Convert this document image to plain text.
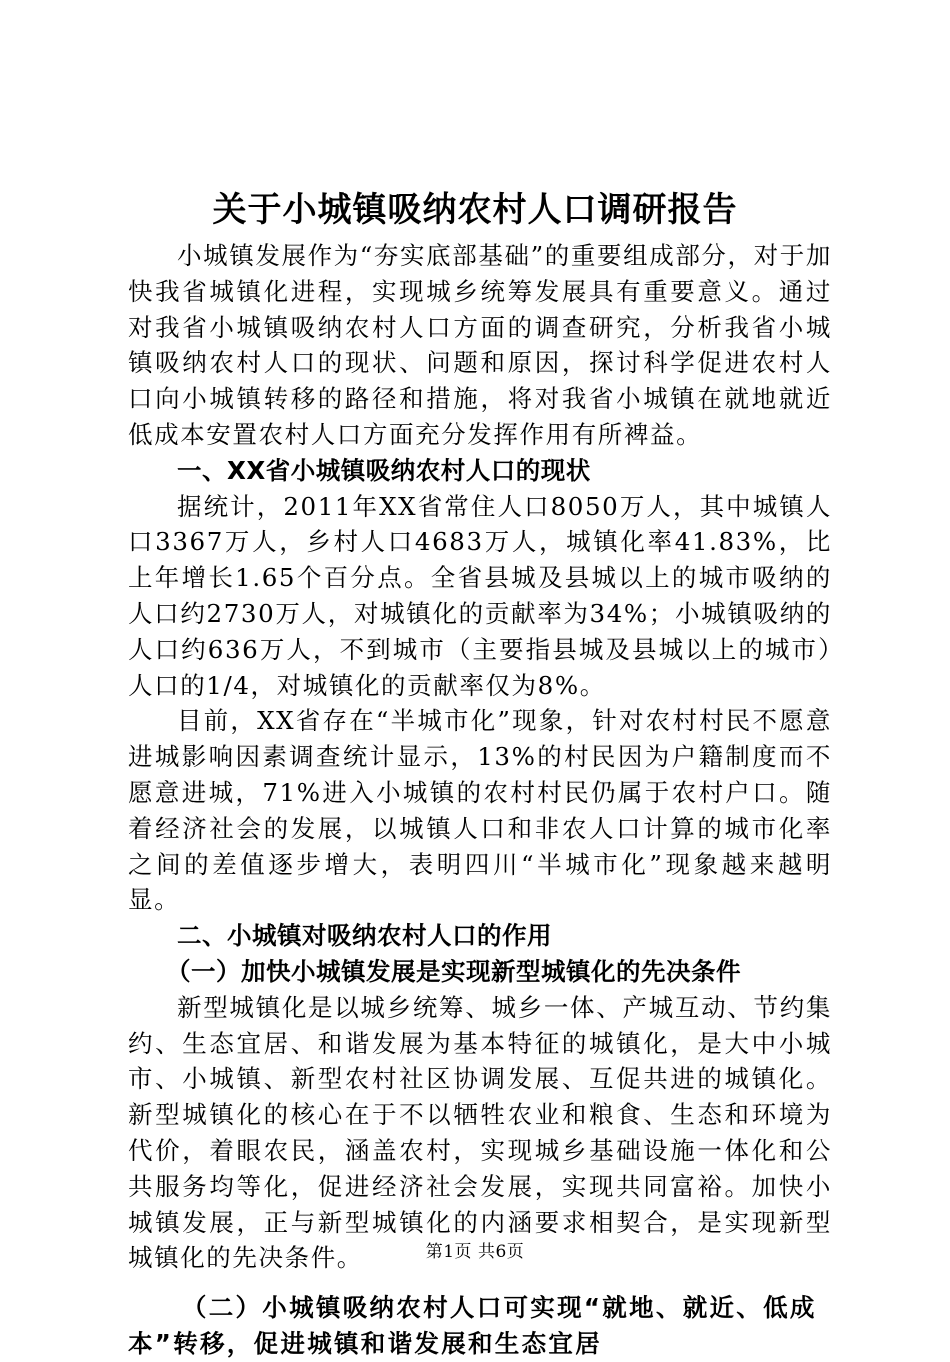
关于小城镇吸纳农村人口调研报告

小城镇发展作为“夯实底部基础”的重要组成部分，对于加快我省城镇化进程，实现城乡统筹发展具有重要意义。通过对我省小城镇吸纳农村人口方面的调查研究，分析我省小城镇吸纳农村人口的现状、问题和原因，探讨科学促进农村人口向小城镇转移的路径和措施，将对我省小城镇在就地就近低成本安置农村人口方面充分发挥作用有所裨益。

一、XX省小城镇吸纳农村人口的现状

据统计，2011年XX省常住人口8050万人，其中城镇人口3367万人，乡村人口4683万人，城镇化率41.83%，比上年增长1.65个百分点。全省县城及县城以上的城市吸纳的人口约2730万人，对城镇化的贡献率为34%；小城镇吸纳的人口约636万人，不到城市（主要指县城及县城以上的城市）人口的1/4，对城镇化的贡献率仅为8%。

目前，XX省存在“半城市化”现象，针对农村村民不愿意进城影响因素调查统计显示，13%的村民因为户籍制度而不愿意进城，71%进入小城镇的农村村民仍属于农村户口。随着经济社会的发展，以城镇人口和非农人口计算的城市化率之间的差值逐步增大，表明四川“半城市化”现象越来越明显。

二、小城镇对吸纳农村人口的作用

（一）加快小城镇发展是实现新型城镇化的先决条件

新型城镇化是以城乡统筹、城乡一体、产城互动、节约集约、生态宜居、和谐发展为基本特征的城镇化，是大中小城市、小城镇、新型农村社区协调发展、互促共进的城镇化。新型城镇化的核心在于不以牺牲农业和粮食、生态和环境为代价，着眼农民，涵盖农村，实现城乡基础设施一体化和公共服务均等化，促进经济社会发展，实现共同富裕。加快小城镇发展，正与新型城镇化的内涵要求相契合，是实现新型城镇化的先决条件。

（二）小城镇吸纳农村人口可实现“就地、就近、低成本”转移，促进城镇和谐发展和生态宜居

第1页 共6页
